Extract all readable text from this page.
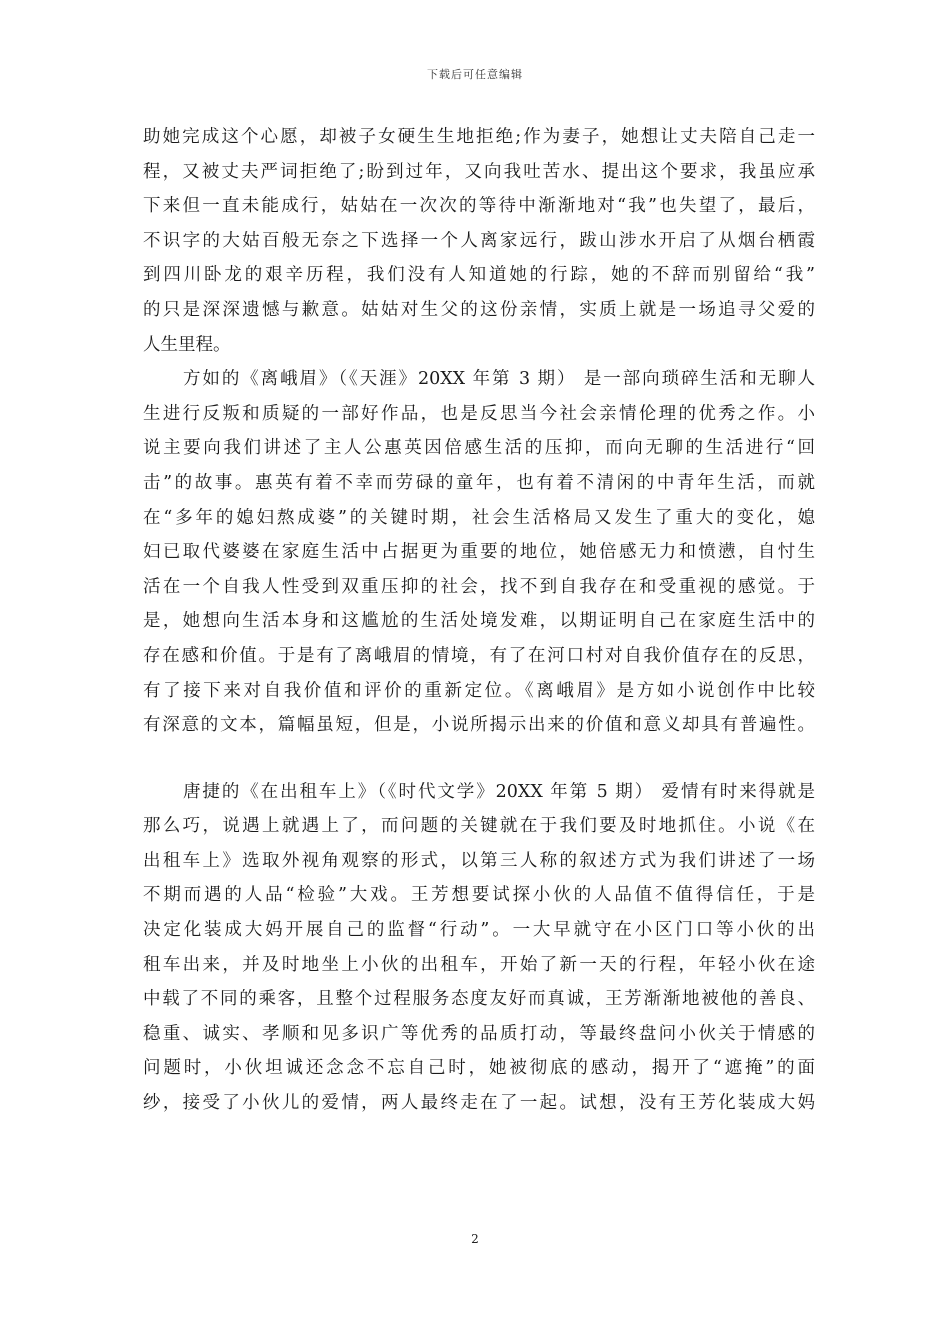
下载后可任意编辑
助她完成这个心愿，却被子女硬生生地拒绝;作为妻子，她想让丈夫陪自己走一
程，又被丈夫严词拒绝了;盼到过年，又向我吐苦水、提出这个要求，我虽应承
下来但一直未能成行，姑姑在一次次的等待中渐渐地对“我”也失望了，最后，
不识字的大姑百般无奈之下选择一个人离家远行，跋山涉水开启了从烟台栖霞
到四川卧龙的艰辛历程，我们没有人知道她的行踪，她的不辞而别留给“我”
的只是深深遗憾与歉意。姑姑对生父的这份亲情，实质上就是一场追寻父爱的
人生里程。
方如的《离峨眉》（《天涯》20XX 年第 3 期） 是一部向琐碎生活和无聊人
生进行反叛和质疑的一部好作品，也是反思当今社会亲情伦理的优秀之作。小
说主要向我们讲述了主人公惠英因倍感生活的压抑，而向无聊的生活进行“回
击”的故事。惠英有着不幸而劳碌的童年，也有着不清闲的中青年生活，而就
在“多年的媳妇熬成婆”的关键时期，社会生活格局又发生了重大的变化，媳
妇已取代婆婆在家庭生活中占据更为重要的地位，她倍感无力和愤懑，自忖生
活在一个自我人性受到双重压抑的社会，找不到自我存在和受重视的感觉。于
是，她想向生活本身和这尴尬的生活处境发难，以期证明自己在家庭生活中的
存在感和价值。于是有了离峨眉的情境，有了在河口村对自我价值存在的反思，
有了接下来对自我价值和评价的重新定位。《离峨眉》是方如小说创作中比较
有深意的文本，篇幅虽短，但是，小说所揭示出来的价值和意义却具有普遍性。
唐捷的《在出租车上》（《时代文学》20XX 年第 5 期） 爱情有时来得就是
那么巧，说遇上就遇上了，而问题的关键就在于我们要及时地抓住。小说《在
出租车上》选取外视角观察的形式，以第三人称的叙述方式为我们讲述了一场
不期而遇的人品“检验”大戏。王芳想要试探小伙的人品值不值得信任，于是
决定化装成大妈开展自己的监督“行动”。一大早就守在小区门口等小伙的出
租车出来，并及时地坐上小伙的出租车，开始了新一天的行程，年轻小伙在途
中载了不同的乘客，且整个过程服务态度友好而真诚，王芳渐渐地被他的善良、
稳重、诚实、孝顺和见多识广等优秀的品质打动，等最终盘问小伙关于情感的
问题时，小伙坦诚还念念不忘自己时，她被彻底的感动，揭开了“遮掩”的面
纱，接受了小伙儿的爱情，两人最终走在了一起。试想，没有王芳化装成大妈
2
